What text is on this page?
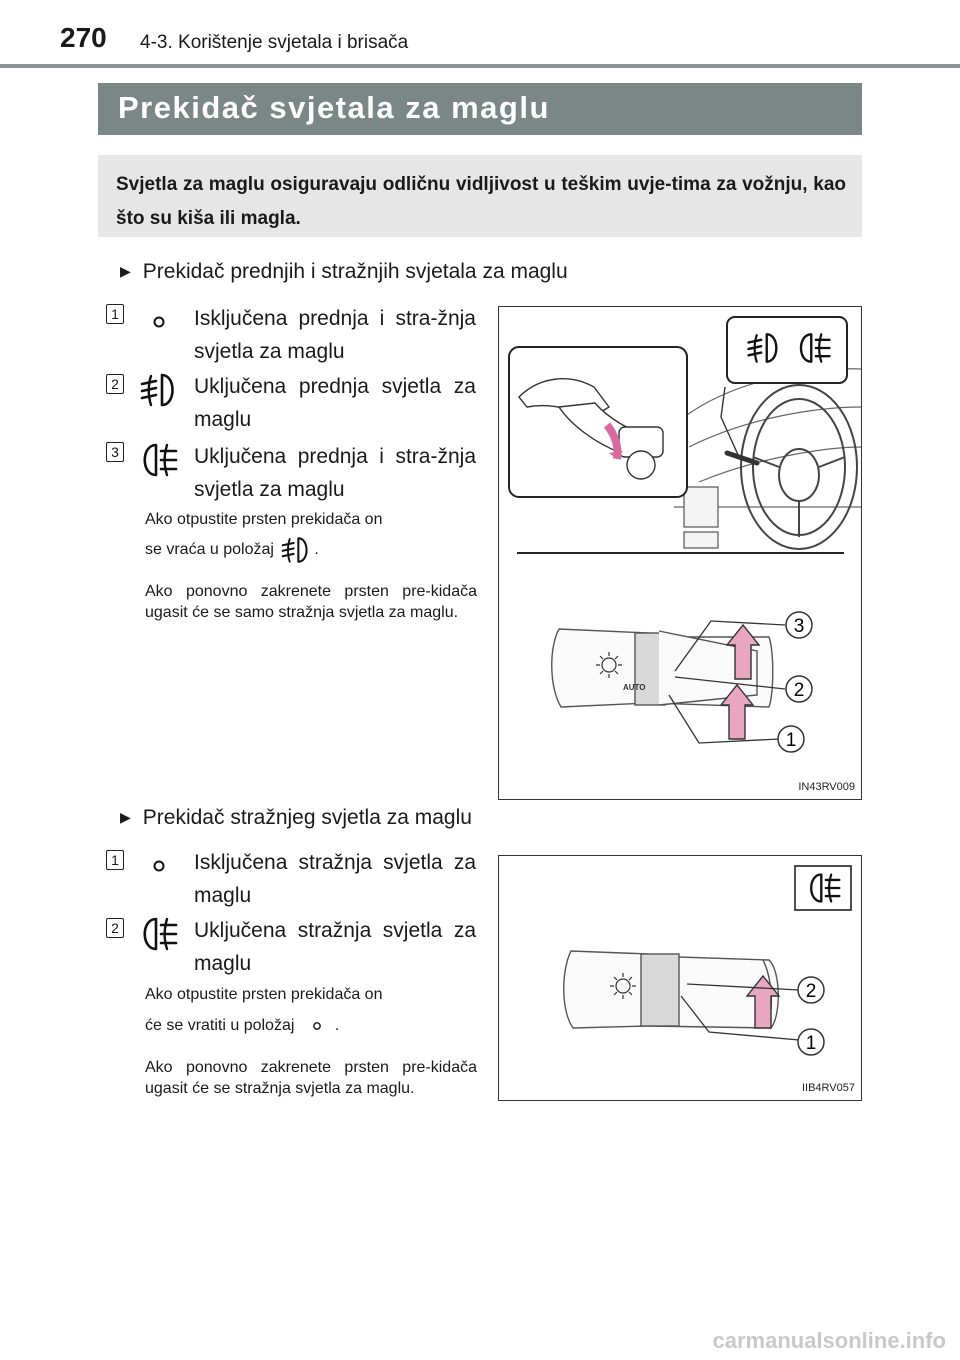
270 4-3. Korištenje svjetala i brisača
Prekidač svjetala za maglu
Svjetla za maglu osiguravaju odličnu vidljivost u teškim uvje-tima za vožnju, kao što su kiša ili magla.
▶ Prekidač prednjih i stražnjih svjetala za maglu
1	Isključena prednja i stra-žnja svjetla za maglu
2	Uključena prednja svjetla za maglu
3	Uključena prednja i stra-žnja svjetla za maglu
Ako otpustite prsten prekidača on
se vraća u položaj	.
Ako ponovno zakrenete prsten pre-kidača ugasit će se samo stražnja svjetla za maglu.
AUTO
3
2
1
IN43RV009
▶ Prekidač stražnjeg svjetla za maglu
1	Isključena stražnja svjetla za maglu
2	Uključena stražnja svjetla za maglu
Ako otpustite prsten prekidača on
će se vratiti u položaj	.
Ako ponovno zakrenete prsten pre-kidača ugasit će se stražnja svjetla za maglu.
2
1
IIB4RV057
carmanualsonline.info
